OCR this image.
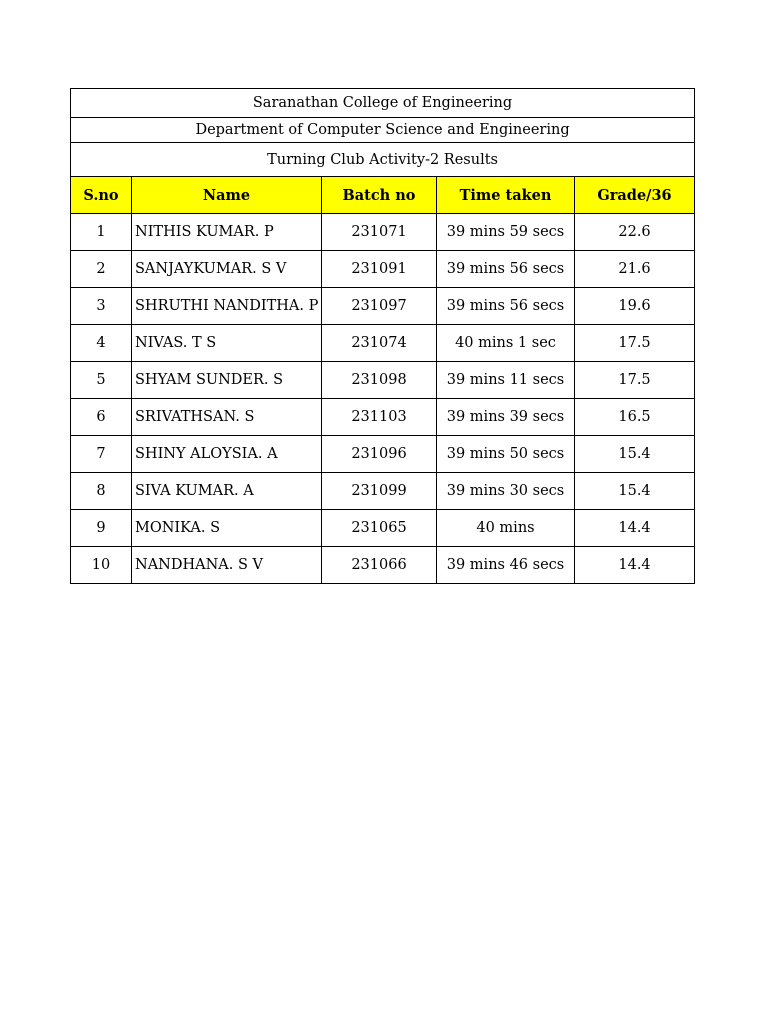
Saranathan College of Engineering				
Department of Computer Science and Engineering				
Turning Club Activity-2 Results				
S.no	Name	Batch no	Time taken	Grade/36
1	NITHIS KUMAR. P	231071	39 mins 59 secs	22.6
2	SANJAYKUMAR. S V	231091	39 mins 56 secs	21.6
3	SHRUTHI NANDITHA. P	231097	39 mins 56 secs	19.6
4	NIVAS. T S	231074	40 mins 1 sec	17.5
5	SHYAM SUNDER. S	231098	39 mins 11 secs	17.5
6	SRIVATHSAN. S	231103	39 mins 39 secs	16.5
7	SHINY ALOYSIA. A	231096	39 mins 50 secs	15.4
8	SIVA KUMAR. A	231099	39 mins 30 secs	15.4
9	MONIKA. S	231065	40 mins	14.4
10	NANDHANA. S V	231066	39 mins 46 secs	14.4
